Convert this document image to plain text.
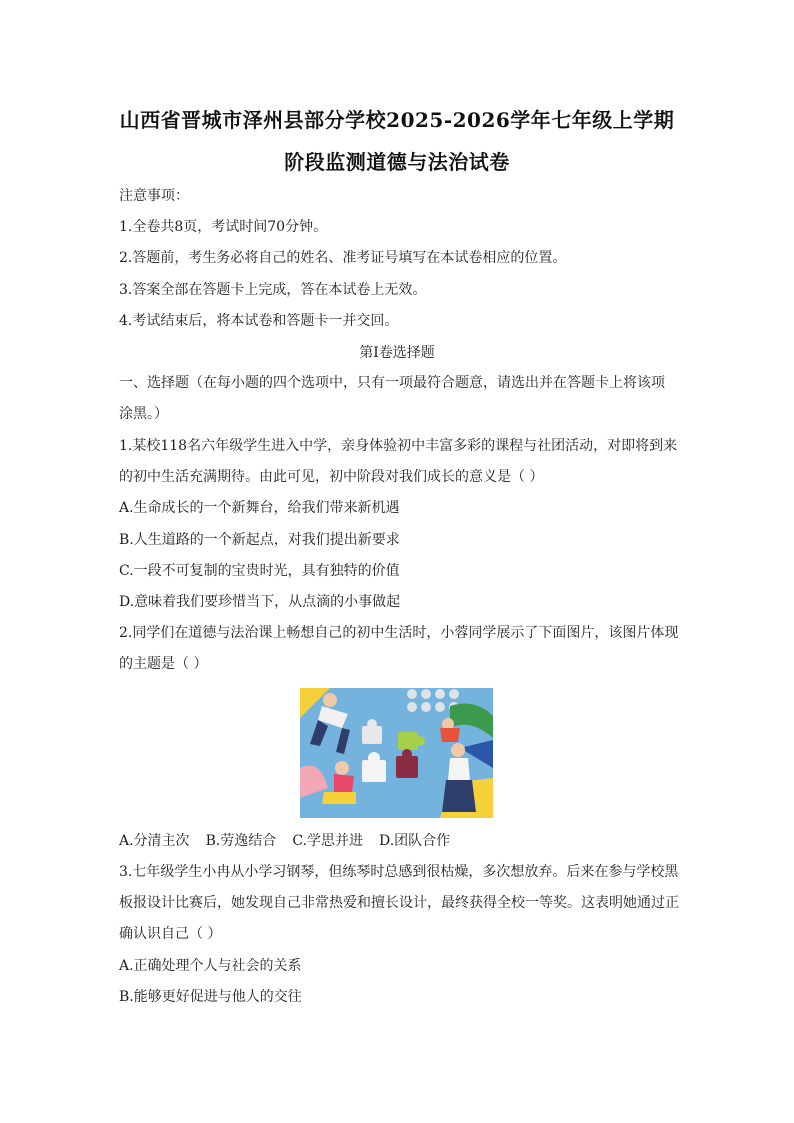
山西省晋城市泽州县部分学校2025-2026学年七年级上学期
阶段监测道德与法治试卷
注意事项：
1.全卷共8页，考试时间70分钟。
2.答题前，考生务必将自己的姓名、准考证号填写在本试卷相应的位置。
3.答案全部在答题卡上完成，答在本试卷上无效。
4.考试结束后，将本试卷和答题卡一并交回。
第I卷选择题
一、选择题（在每小题的四个选项中，只有一项最符合题意，请选出并在答题卡上将该项
涂黑。）
1.某校118名六年级学生进入中学，亲身体验初中丰富多彩的课程与社团活动，对即将到来
的初中生活充满期待。由此可见，初中阶段对我们成长的意义是（ ）
A.生命成长的一个新舞台，给我们带来新机遇
B.人生道路的一个新起点，对我们提出新要求
C.一段不可复制的宝贵时光，具有独特的价值
D.意味着我们要珍惜当下，从点滴的小事做起
2.同学们在道德与法治课上畅想自己的初中生活时，小蓉同学展示了下面图片，该图片体现
的主题是（ ）
A.分清主次 B.劳逸结合 C.学思并进 D.团队合作
3.七年级学生小冉从小学习钢琴，但练琴时总感到很枯燥，多次想放弃。后来在参与学校黑
板报设计比赛后，她发现自己非常热爱和擅长设计，最终获得全校一等奖。这表明她通过正
确认识自己（ ）
A.正确处理个人与社会的关系
B.能够更好促进与他人的交往
